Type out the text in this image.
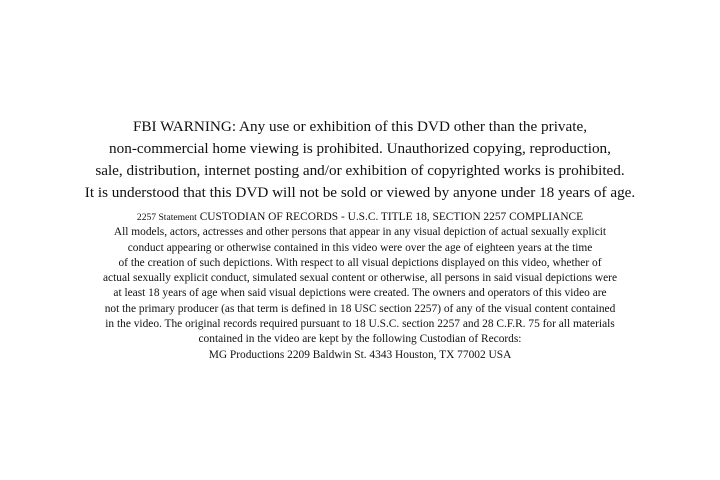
FBI WARNING: Any use or exhibition of this DVD other than the private,
non-commercial home viewing is prohibited. Unauthorized copying, reproduction,
sale, distribution, internet posting and/or exhibition of copyrighted works is prohibited.
It is understood that this DVD will not be sold or viewed by anyone under 18 years of age.
2257 Statement CUSTODIAN OF RECORDS - U.S.C. TITLE 18, SECTION 2257 COMPLIANCE
All models, actors, actresses and other persons that appear in any visual depiction of actual sexually explicit
conduct appearing or otherwise contained in this video were over the age of eighteen years at the time
of the creation of such depictions. With respect to all visual depictions displayed on this video, whether of
actual sexually explicit conduct, simulated sexual content or otherwise, all persons in said visual depictions were
at least 18 years of age when said visual depictions were created. The owners and operators of this video are
not the primary producer (as that term is defined in 18 USC section 2257) of any of the visual content contained
in the video. The original records required pursuant to 18 U.S.C. section 2257 and 28 C.F.R. 75 for all materials
contained in the video are kept by the following Custodian of Records:
MG Productions 2209 Baldwin St. 4343 Houston, TX 77002 USA
